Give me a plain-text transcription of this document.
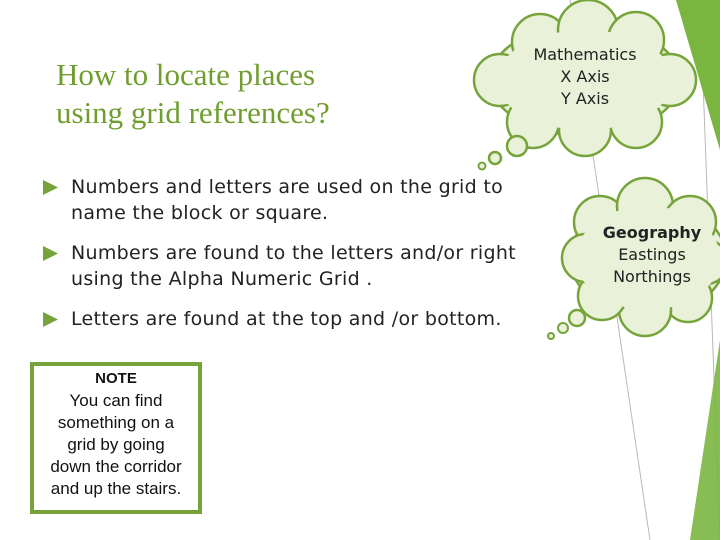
How to locate places
using grid references?
Numbers and letters are used on the grid to
name the block or square.
Numbers are found to the letters and/or right
using the Alpha Numeric Grid .
Letters are found at the top and /or bottom.
Mathematics
X Axis
Y Axis
Geography
Eastings
Northings
NOTE
You can find
something on a
grid by going
down the corridor
and up the stairs.
